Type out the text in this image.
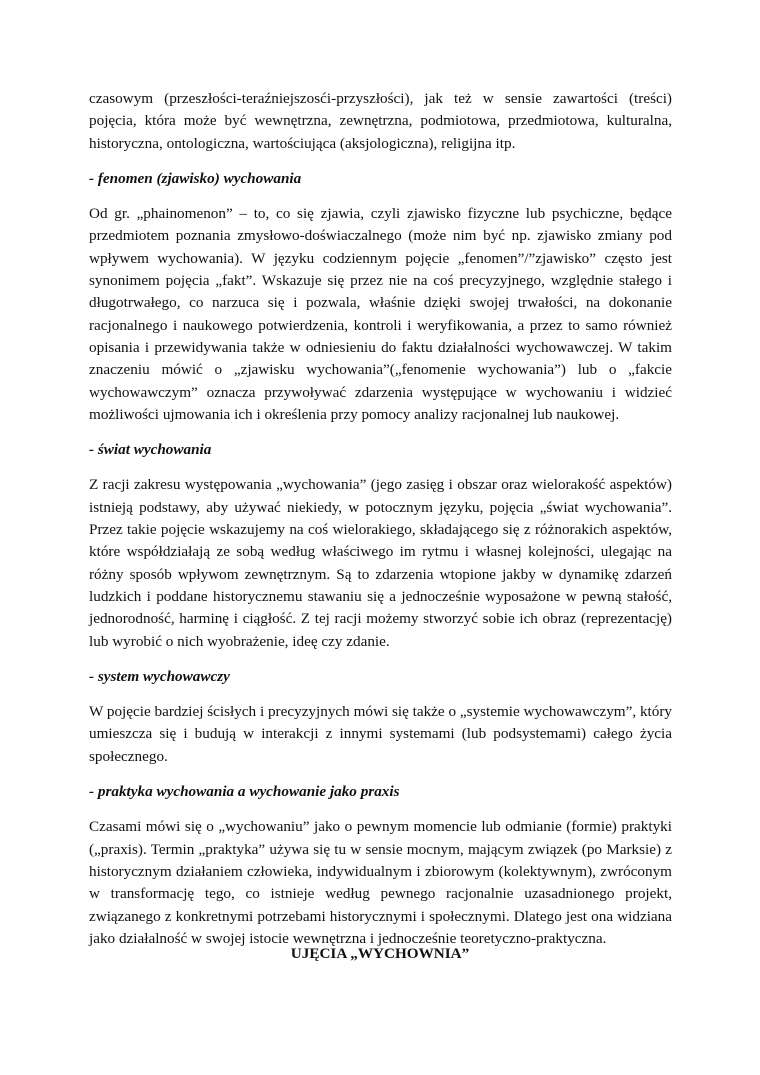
czasowym (przeszłości-teraźniejszosći-przyszłości), jak też w sensie zawartości (treści) pojęcia, która może być wewnętrzna, zewnętrzna, podmiotowa, przedmiotowa, kulturalna, historyczna, ontologiczna, wartościująca (aksjologiczna), religijna itp.

- fenomen (zjawisko) wychowania

Od gr. „phainomenon” – to, co się zjawia, czyli zjawisko fizyczne lub psychiczne, będące przedmiotem poznania zmysłowo-doświaczalnego (może nim być np. zjawisko zmiany pod wpływem wychowania). W języku codziennym pojęcie „fenomen”/”zjawisko” często jest synonimem pojęcia „fakt”. Wskazuje się przez nie na coś precyzyjnego, względnie stałego i długotrwałego, co narzuca się i pozwala, właśnie dzięki swojej trwałości, na dokonanie racjonalnego i naukowego potwierdzenia, kontroli i weryfikowania, a przez to samo również opisania i przewidywania także w odniesieniu do faktu działalności wychowawczej. W takim znaczeniu mówić o „zjawisku wychowania”(„fenomenie wychowania”) lub o „fakcie wychowawczym” oznacza przywoływać zdarzenia występujące w wychowaniu i widzieć możliwości ujmowania ich i określenia przy pomocy analizy racjonalnej lub naukowej.

- świat wychowania

Z racji zakresu występowania „wychowania” (jego zasięg i obszar oraz wielorakość aspektów) istnieją podstawy, aby używać niekiedy, w potocznym języku, pojęcia „świat wychowania”. Przez takie pojęcie wskazujemy na coś wielorakiego, składającego się z różnorakich aspektów, które współdziałają ze sobą według właściwego im rytmu i własnej kolejności, ulegając na różny sposób wpływom zewnętrznym. Są to zdarzenia wtopione jakby w dynamikę zdarzeń ludzkich i poddane historycznemu stawaniu się a jednocześnie wyposażone w pewną stałość, jednorodność, harminę i ciągłość. Z tej racji możemy stworzyć sobie ich obraz (reprezentację) lub wyrobić o nich wyobrażenie, ideę czy zdanie.

- system wychowawczy

W pojęcie bardziej ścisłych i precyzyjnych mówi się także o „systemie wychowawczym”, który umieszcza się i budują w interakcji z innymi systemami (lub podsystemami) całego życia społecznego.

- praktyka wychowania a wychowanie jako praxis

Czasami mówi się o „wychowaniu” jako o pewnym momencie lub odmianie (formie) praktyki („praxis). Termin „praktyka” używa się tu w sensie mocnym, mającym związek (po Marksie) z historycznym działaniem człowieka, indywidualnym i zbiorowym (kolektywnym), zwróconym w transformację tego, co istnieje według pewnego racjonalnie uzasadnionego projekt, związanego z konkretnymi potrzebami historycznymi i społecznymi. Dlatego jest ona widziana jako działalność w swojej istocie wewnętrzna i jednocześnie teoretyczno-praktyczna.

UJĘCIA „WYCHOWNIA”
